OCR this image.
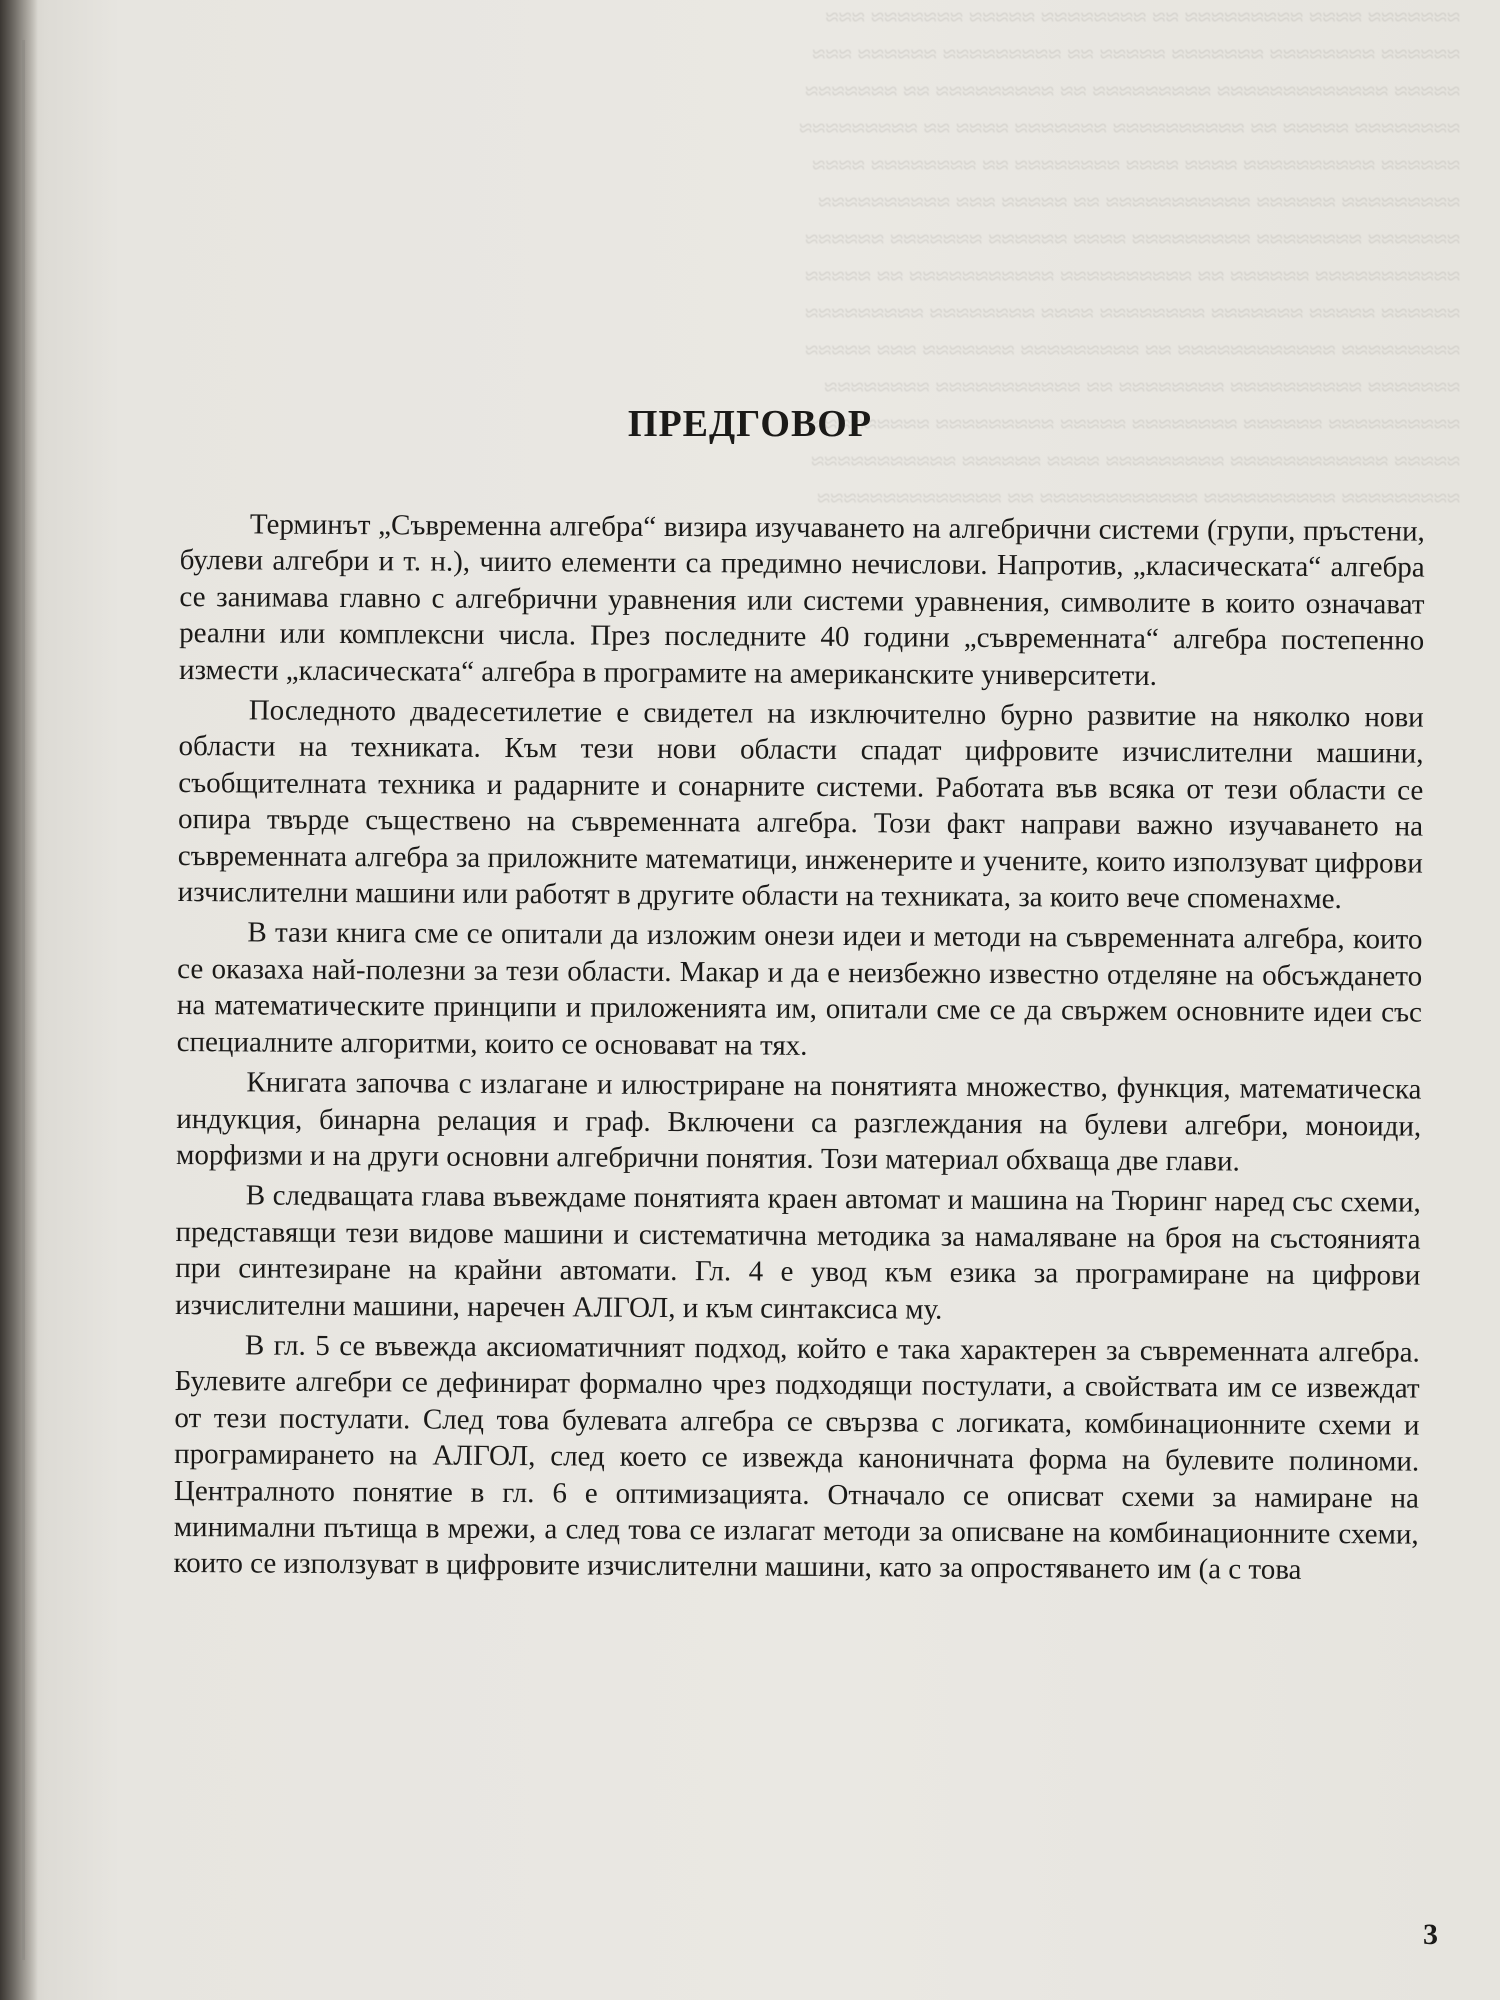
≈≈≈≈≈≈≈ ≈≈≈≈ ≈≈≈≈≈≈≈≈≈ ≈≈ ≈≈≈≈≈≈≈≈ ≈≈≈≈≈ ≈≈≈≈≈≈≈ ≈≈≈
≈≈≈≈≈≈ ≈≈≈≈≈≈≈≈ ≈≈≈≈≈≈≈ ≈≈≈≈≈ ≈≈ ≈≈≈≈≈≈≈≈≈ ≈≈≈≈≈≈ ≈≈≈
≈≈≈≈≈ ≈≈≈≈≈≈≈≈≈≈≈≈≈ ≈≈≈≈≈≈≈≈≈ ≈≈ ≈≈≈≈≈≈≈≈≈ ≈≈ ≈≈≈≈≈≈≈
≈≈≈≈≈≈≈≈ ≈≈≈≈≈ ≈≈ ≈≈≈≈≈≈≈≈≈≈ ≈≈≈≈≈≈≈ ≈≈≈≈ ≈≈ ≈≈≈≈≈≈≈≈≈
≈≈≈≈≈≈ ≈≈≈≈≈≈≈≈≈≈ ≈≈≈≈ ≈≈≈≈ ≈≈≈≈≈≈≈≈ ≈≈ ≈≈≈≈≈≈≈≈ ≈≈≈≈
≈≈≈≈≈≈≈≈≈ ≈≈≈≈≈≈ ≈≈≈≈≈≈≈≈≈≈≈ ≈≈ ≈≈≈≈≈ ≈≈≈ ≈≈≈≈≈≈≈≈≈≈
≈≈≈≈≈≈≈ ≈≈≈≈≈≈≈≈ ≈≈≈≈≈≈≈≈≈ ≈≈≈≈ ≈≈≈≈≈≈ ≈≈≈≈≈≈≈ ≈≈≈≈≈≈
≈≈≈≈≈≈≈≈≈≈≈ ≈≈≈≈≈≈ ≈≈ ≈≈≈≈≈≈≈≈≈≈ ≈≈≈≈≈≈≈≈≈≈≈ ≈≈ ≈≈≈≈≈
≈≈≈≈≈≈ ≈≈≈≈≈ ≈≈≈≈≈≈≈ ≈≈≈≈≈≈≈≈ ≈≈≈≈ ≈≈≈≈≈≈≈≈ ≈≈≈≈≈≈≈≈≈
≈≈≈≈≈≈≈≈≈ ≈≈≈≈≈≈≈≈≈≈≈≈ ≈≈ ≈≈≈≈≈≈≈≈≈ ≈≈≈≈≈≈≈ ≈≈≈ ≈≈≈≈≈
≈≈≈≈≈≈≈ ≈≈≈≈≈≈≈≈≈≈ ≈≈≈≈≈≈≈≈ ≈≈ ≈≈≈≈≈≈≈≈≈≈≈ ≈≈≈≈≈≈≈≈
≈≈≈≈≈≈≈≈≈≈ ≈≈≈≈≈≈ ≈≈≈≈≈≈≈≈ ≈≈≈≈≈ ≈≈≈≈≈≈≈≈≈ ≈≈≈≈≈≈≈≈≈
≈≈≈≈≈ ≈≈≈≈≈≈≈≈≈≈≈≈ ≈≈≈≈≈≈≈≈≈ ≈≈≈≈ ≈≈≈≈≈≈ ≈≈≈≈≈≈≈≈≈≈≈
≈≈≈≈≈≈≈≈≈ ≈≈≈≈≈≈≈≈≈≈ ≈≈≈≈≈≈≈≈≈≈≈≈ ≈≈ ≈≈≈≈≈≈≈≈≈≈≈≈≈≈
ПРЕДГОВОР

Терминът „Съвременна алгебра“ визира изучаването на алгебрични системи (групи, пръстени, булеви алгебри и т. н.), чиито елементи са предимно нечислови. Напротив, „класическата“ алгебра се занимава главно с алгебрични уравнения или системи уравнения, символите в които означават реални или комплексни числа. През последните 40 години „съвременната“ алгебра постепенно измести „класическата“ алгебра в програмите на американските университети.

Последното двадесетилетие е свидетел на изключително бурно развитие на няколко нови области на техниката. Към тези нови области спадат цифровите изчислителни машини, съобщителната техника и радарните и сонарните системи. Работата във всяка от тези области се опира твърде съществено на съвременната алгебра. Този факт направи важно изучаването на съвременната алгебра за приложните математици, инженерите и учените, които използуват цифрови изчислителни машини или работят в другите области на техниката, за които вече споменахме.

В тази книга сме се опитали да изложим онези идеи и методи на съвременната алгебра, които се оказаха най-полезни за тези области. Макар и да е неизбежно известно отделяне на обсъждането на математическите принципи и приложенията им, опитали сме се да свържем основните идеи със специалните алгоритми, които се основават на тях.

Книгата започва с излагане и илюстриране на понятията множество, функция, математическа индукция, бинарна релация и граф. Включени са разглеждания на булеви алгебри, моноиди, морфизми и на други основни алгебрични понятия. Този материал обхваща две глави.

В следващата глава въвеждаме понятията краен автомат и машина на Тюринг наред със схеми, представящи тези видове машини и систематична методика за намаляване на броя на състоянията при синтезиране на крайни автомати. Гл. 4 е увод към езика за програмиране на цифрови изчислителни машини, наречен АЛГОЛ, и към синтаксиса му.

В гл. 5 се въвежда аксиоматичният подход, който е така характерен за съвременната алгебра. Булевите алгебри се дефинират формално чрез подходящи постулати, а свойствата им се извеждат от тези постулати. След това булевата алгебра се свързва с логиката, комбинационните схеми и програмирането на АЛГОЛ, след което се извежда каноничната форма на булевите полиноми. Централното понятие в гл. 6 е оптимизацията. Отначало се описват схеми за намиране на минимални пътища в мрежи, а след това се излагат методи за описване на комбинационните схеми, които се използуват в цифровите изчислителни машини, като за опростяването им (а с това

3
